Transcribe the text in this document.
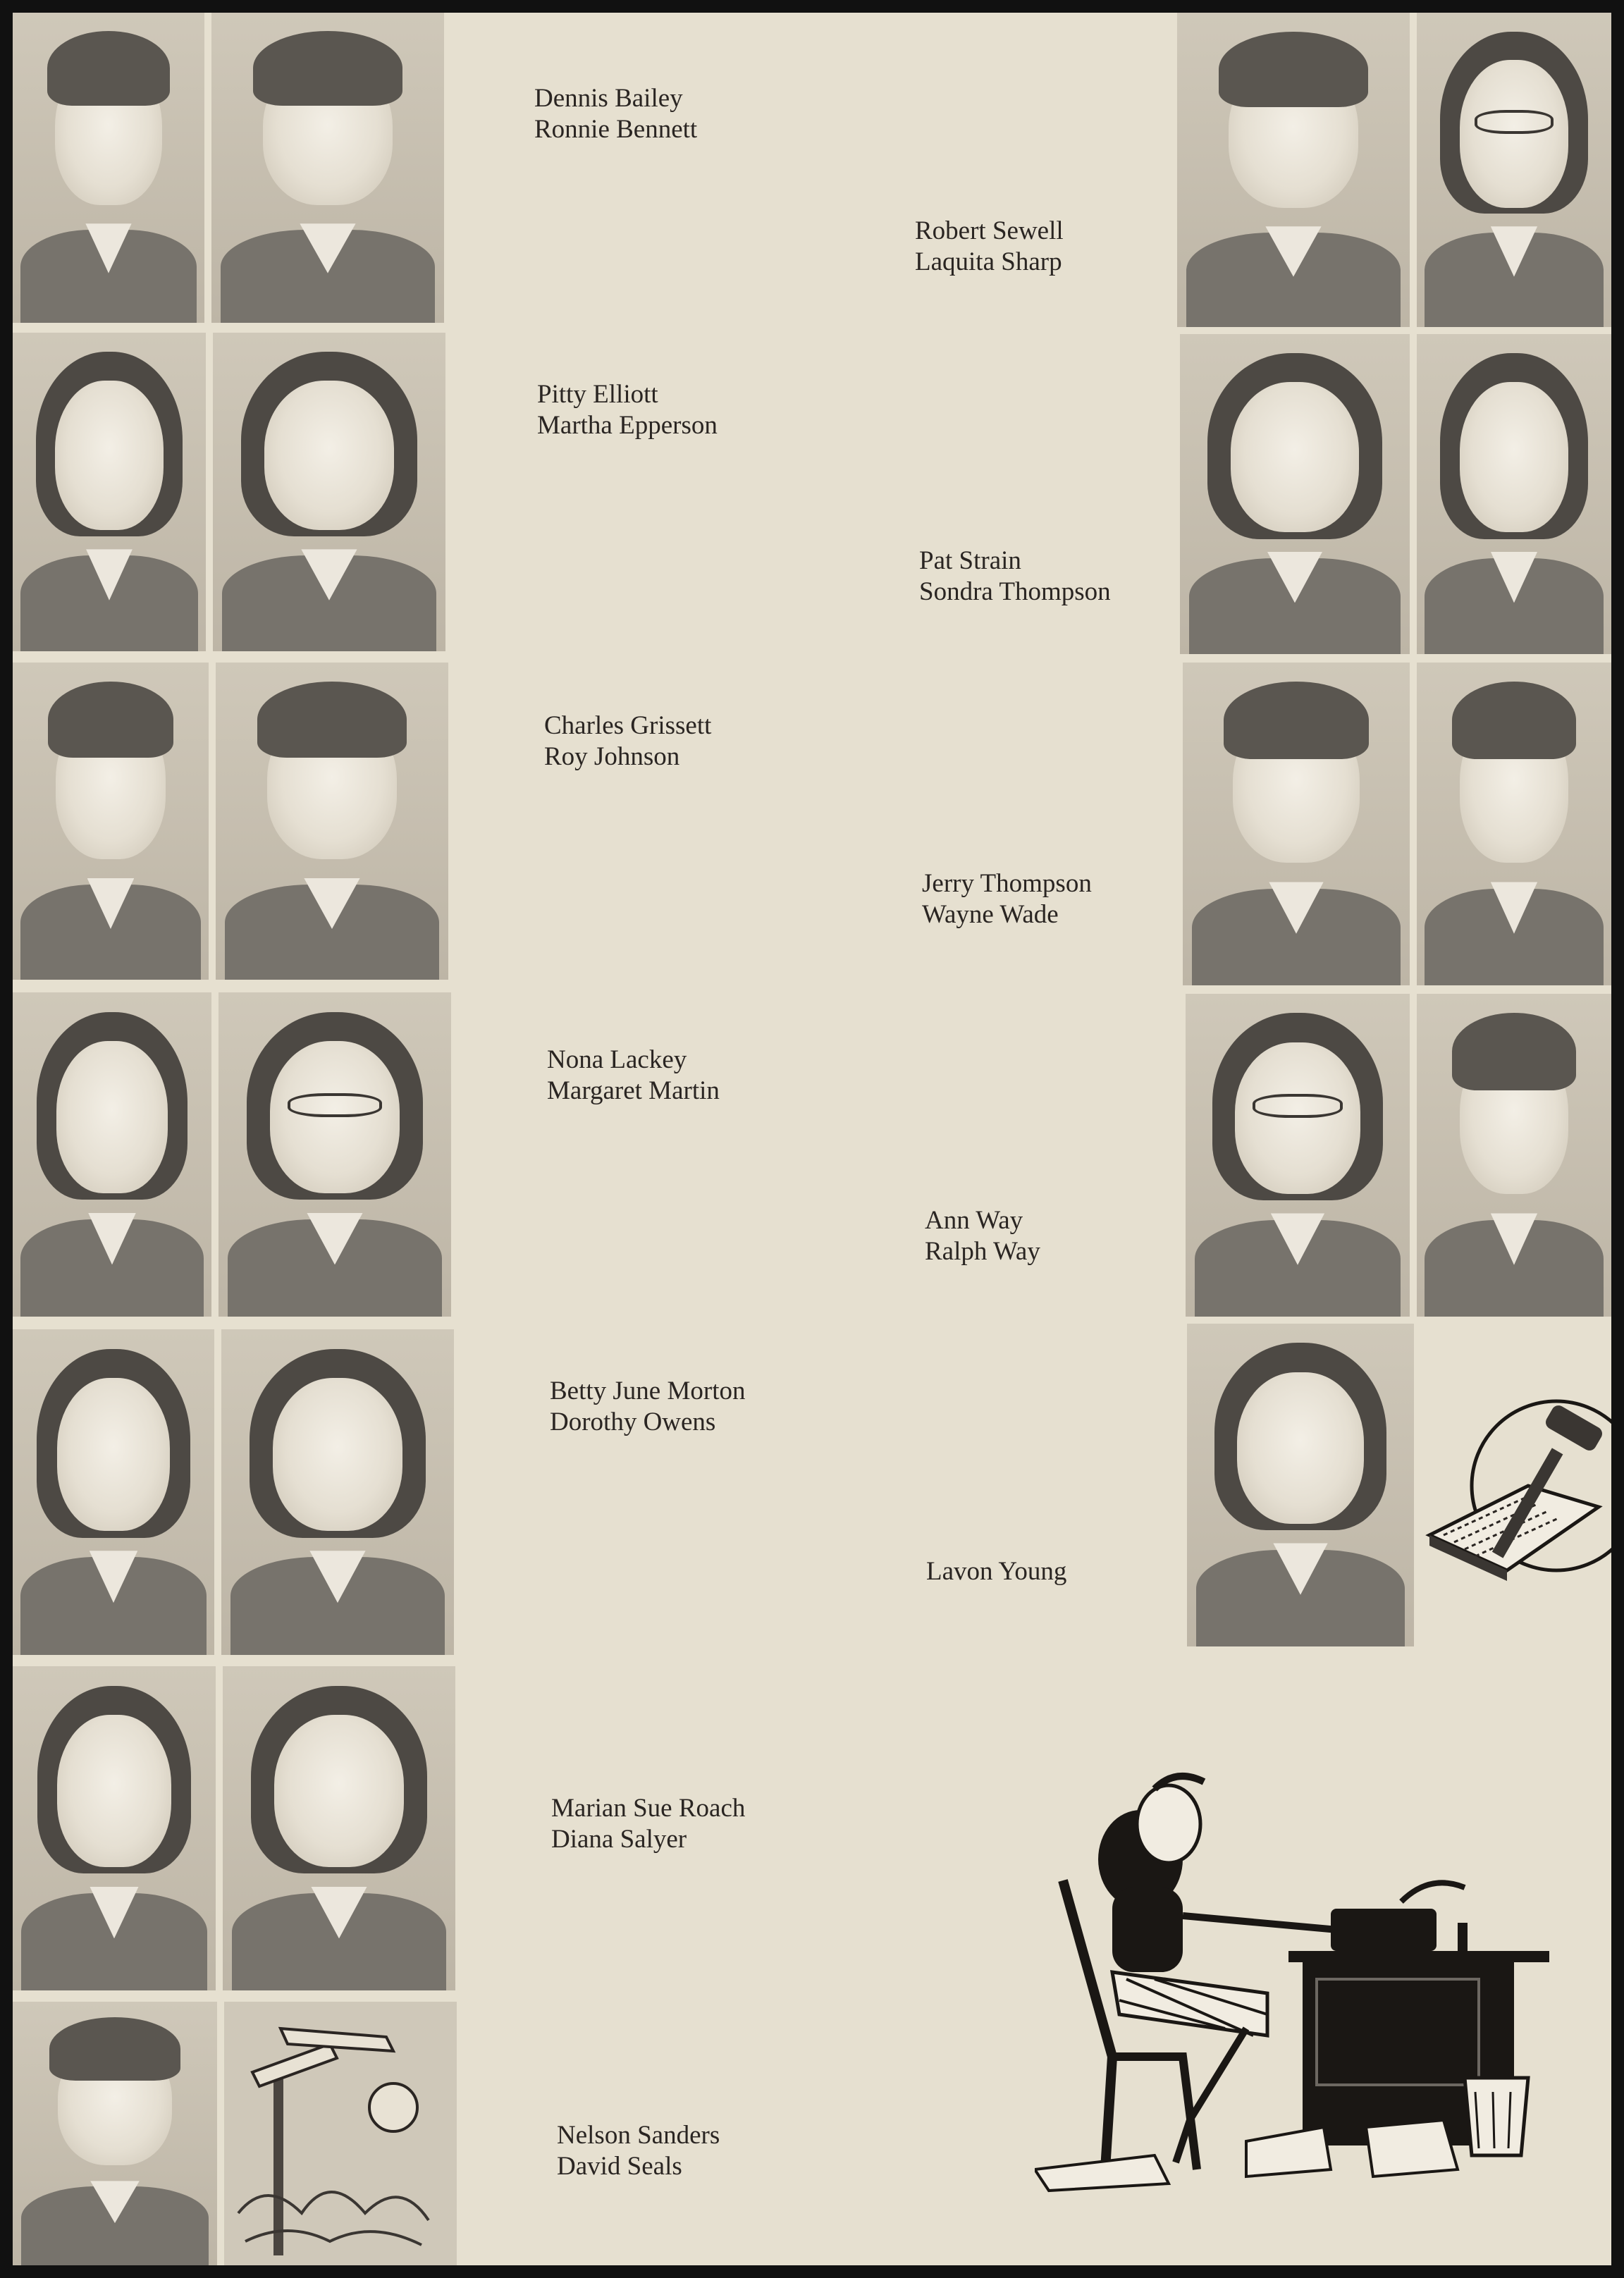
Dennis Bailey
Ronnie Bennett
Pitty Elliott
Martha Epperson
Charles Grissett
Roy Johnson
Nona Lackey
Margaret Martin
Betty June Morton
Dorothy Owens
Marian Sue Roach
Diana Salyer
Nelson Sanders
David Seals
Robert Sewell
Laquita Sharp
Pat Strain
Sondra Thompson
Jerry Thompson
Wayne Wade
Ann Way
Ralph Way
Lavon Young
